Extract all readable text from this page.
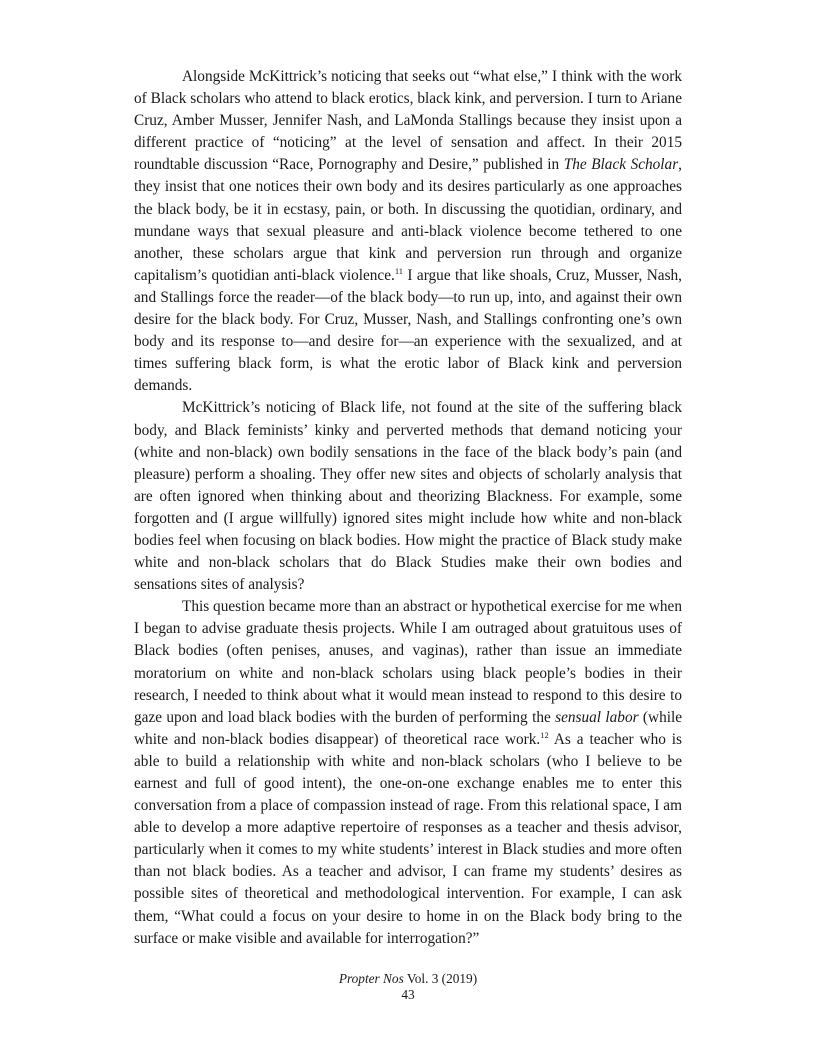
Alongside McKittrick’s noticing that seeks out “what else,” I think with the work of Black scholars who attend to black erotics, black kink, and perversion. I turn to Ariane Cruz, Amber Musser, Jennifer Nash, and LaMonda Stallings because they insist upon a different practice of “noticing” at the level of sensation and affect. In their 2015 roundtable discussion “Race, Pornography and Desire,” published in The Black Scholar, they insist that one notices their own body and its desires particularly as one approaches the black body, be it in ecstasy, pain, or both. In discussing the quotidian, ordinary, and mundane ways that sexual pleasure and anti-black violence become tethered to one another, these scholars argue that kink and perversion run through and organize capitalism’s quotidian anti-black violence.$^{11}$ I argue that like shoals, Cruz, Musser, Nash, and Stallings force the reader—of the black body—to run up, into, and against their own desire for the black body. For Cruz, Musser, Nash, and Stallings confronting one’s own body and its response to—and desire for—an experience with the sexualized, and at times suffering black form, is what the erotic labor of Black kink and perversion demands.

McKittrick’s noticing of Black life, not found at the site of the suffering black body, and Black feminists’ kinky and perverted methods that demand noticing your (white and non-black) own bodily sensations in the face of the black body’s pain (and pleasure) perform a shoaling. They offer new sites and objects of scholarly analysis that are often ignored when thinking about and theorizing Blackness. For example, some forgotten and (I argue willfully) ignored sites might include how white and non-black bodies feel when focusing on black bodies. How might the practice of Black study make white and non-black scholars that do Black Studies make their own bodies and sensations sites of analysis?

This question became more than an abstract or hypothetical exercise for me when I began to advise graduate thesis projects. While I am outraged about gratuitous uses of Black bodies (often penises, anuses, and vaginas), rather than issue an immediate moratorium on white and non-black scholars using black people’s bodies in their research, I needed to think about what it would mean instead to respond to this desire to gaze upon and load black bodies with the burden of performing the sensual labor (while white and non-black bodies disappear) of theoretical race work.$^{12}$ As a teacher who is able to build a relationship with white and non-black scholars (who I believe to be earnest and full of good intent), the one-on-one exchange enables me to enter this conversation from a place of compassion instead of rage. From this relational space, I am able to develop a more adaptive repertoire of responses as a teacher and thesis advisor, particularly when it comes to my white students’ interest in Black studies and more often than not black bodies. As a teacher and advisor, I can frame my students’ desires as possible sites of theoretical and methodological intervention. For example, I can ask them, “What could a focus on your desire to home in on the Black body bring to the surface or make visible and available for interrogation?”

Propter Nos Vol. 3 (2019)
43
